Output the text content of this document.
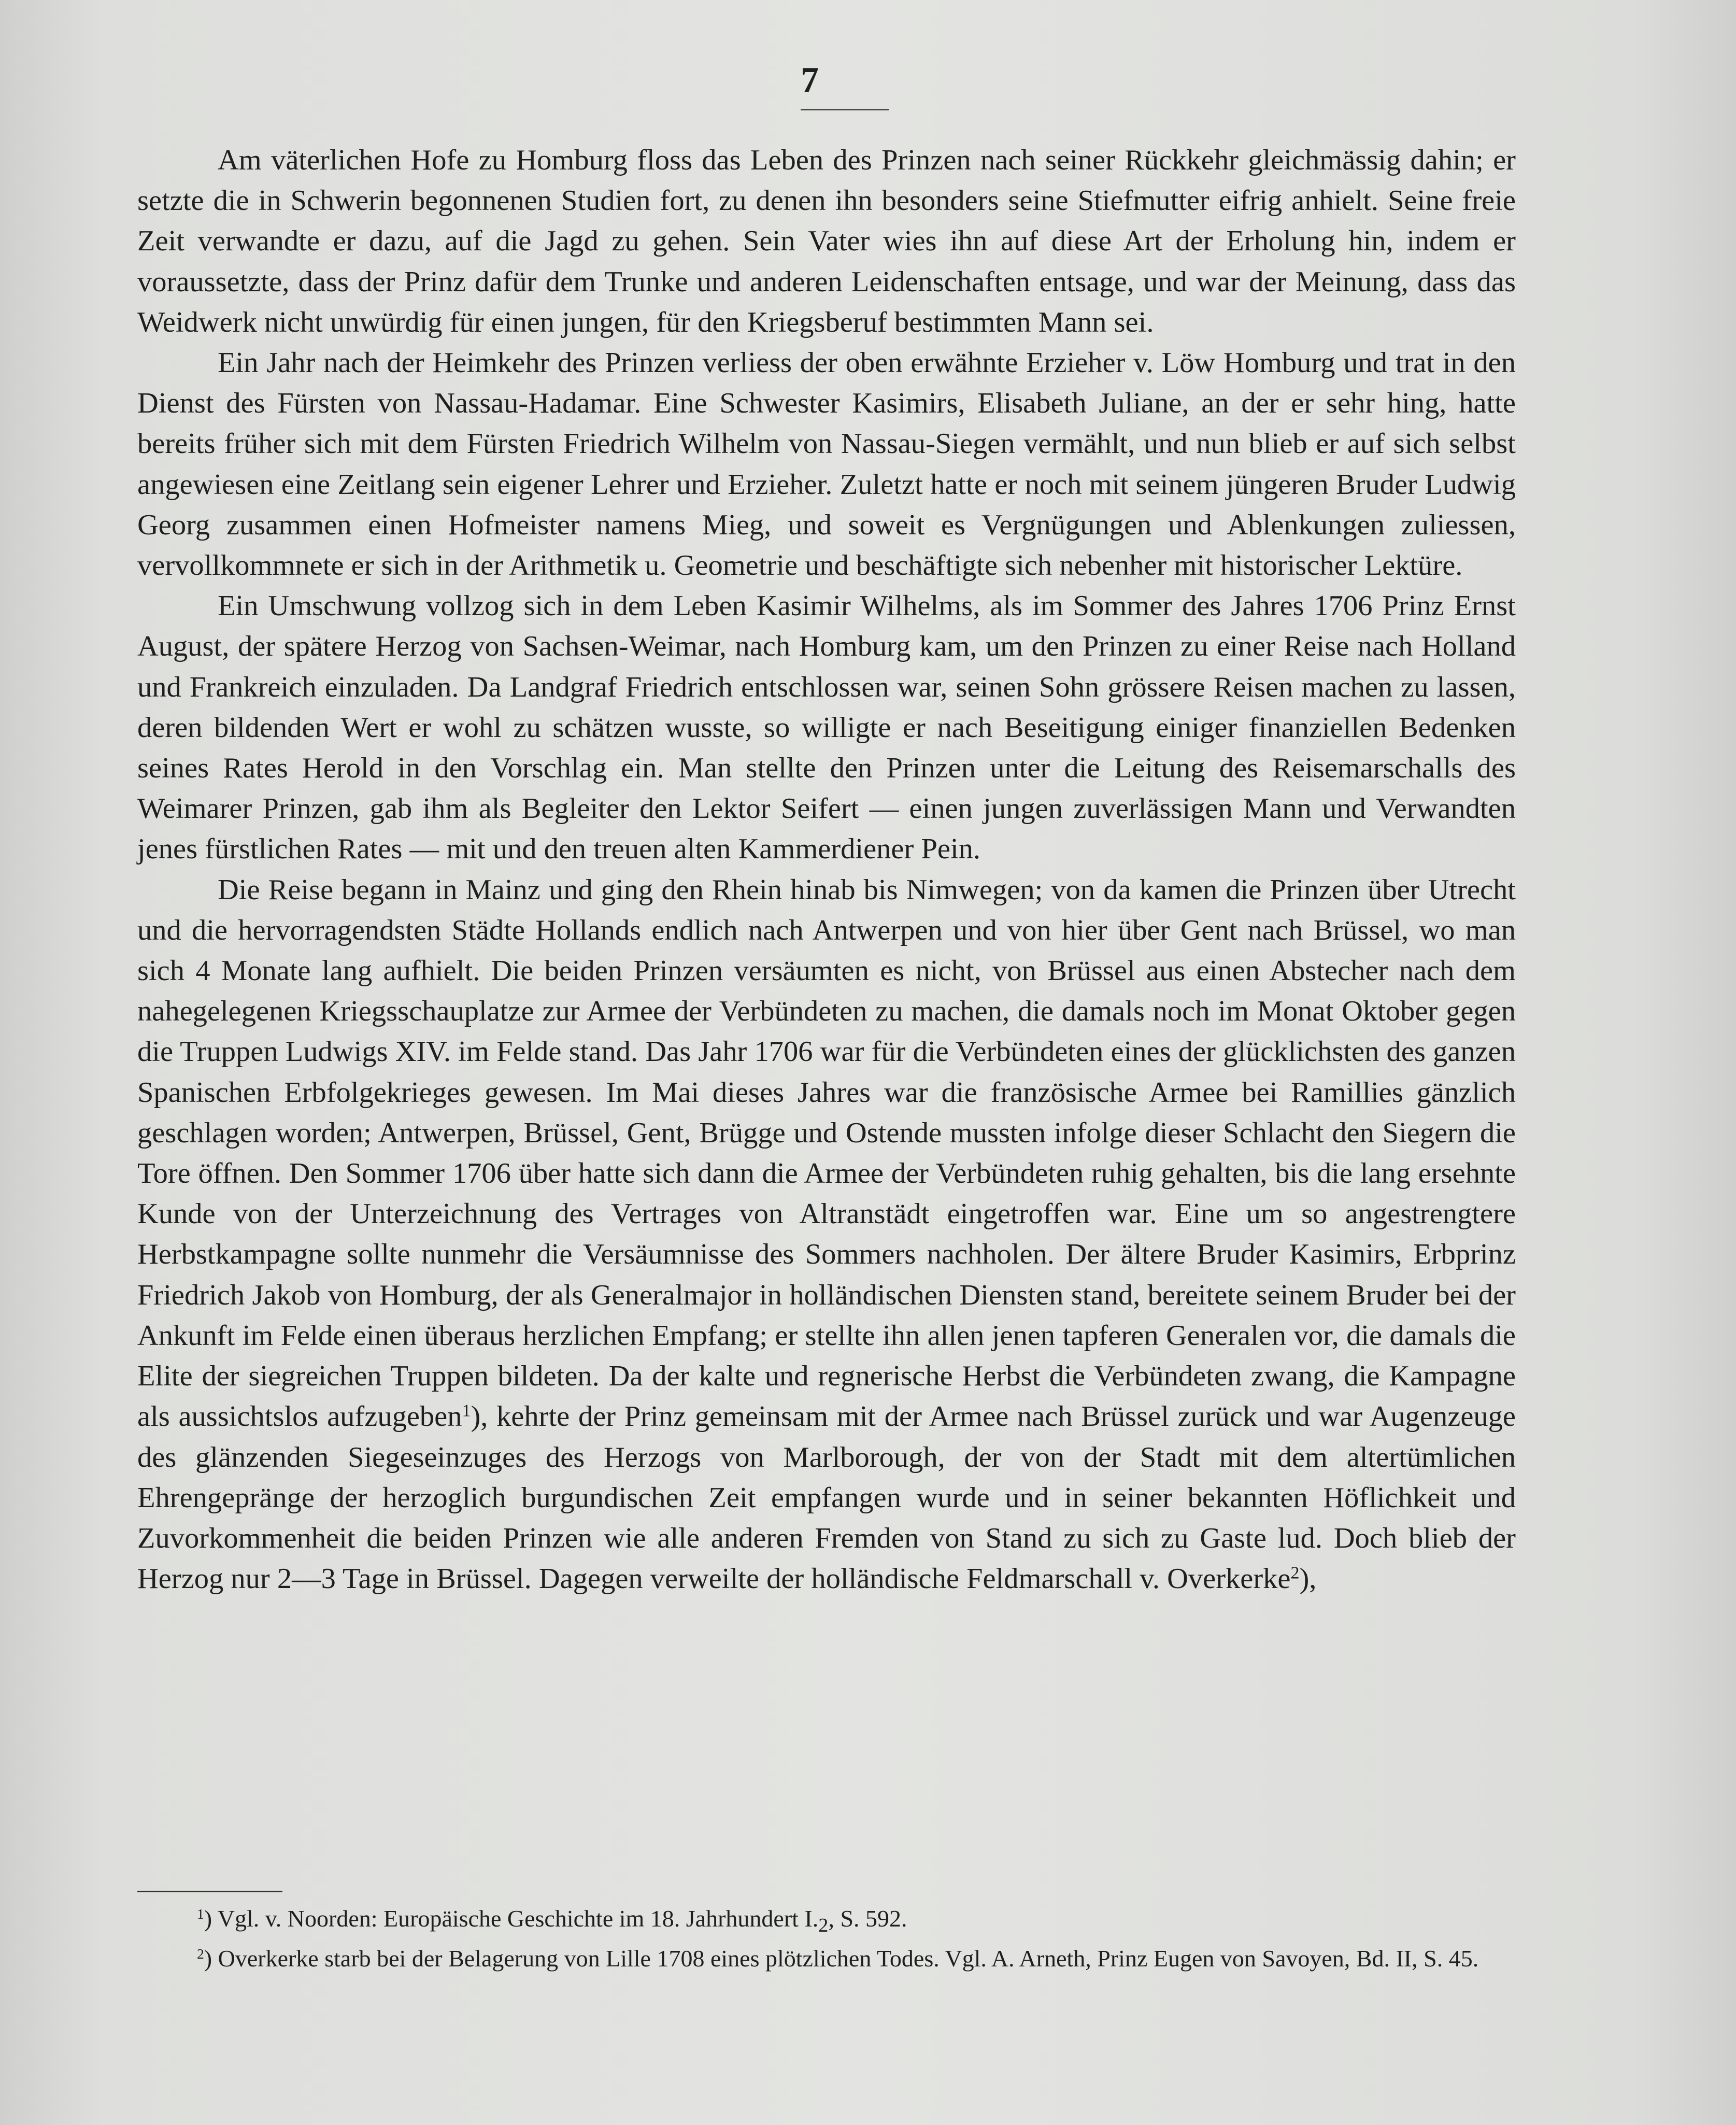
7

Am väterlichen Hofe zu Homburg floss das Leben des Prinzen nach seiner Rückkehr gleichmässig dahin; er setzte die in Schwerin begonnenen Studien fort, zu denen ihn besonders seine Stiefmutter eifrig anhielt. Seine freie Zeit verwandte er dazu, auf die Jagd zu gehen. Sein Vater wies ihn auf diese Art der Erholung hin, indem er voraussetzte, dass der Prinz dafür dem Trunke und anderen Leidenschaften entsage, und war der Meinung, dass das Weidwerk nicht unwürdig für einen jungen, für den Kriegsberuf bestimmten Mann sei.

Ein Jahr nach der Heimkehr des Prinzen verliess der oben erwähnte Erzieher v. Löw Homburg und trat in den Dienst des Fürsten von Nassau-Hadamar. Eine Schwester Kasimirs, Elisabeth Juliane, an der er sehr hing, hatte bereits früher sich mit dem Fürsten Friedrich Wilhelm von Nassau-Siegen vermählt, und nun blieb er auf sich selbst angewiesen eine Zeitlang sein eigener Lehrer und Erzieher. Zuletzt hatte er noch mit seinem jüngeren Bruder Ludwig Georg zusammen einen Hofmeister namens Mieg, und soweit es Vergnügungen und Ablenkungen zuliessen, vervollkommnete er sich in der Arithmetik u. Geometrie und beschäftigte sich nebenher mit historischer Lektüre.

Ein Umschwung vollzog sich in dem Leben Kasimir Wilhelms, als im Sommer des Jahres 1706 Prinz Ernst August, der spätere Herzog von Sachsen-Weimar, nach Homburg kam, um den Prinzen zu einer Reise nach Holland und Frankreich einzuladen. Da Landgraf Friedrich entschlossen war, seinen Sohn grössere Reisen machen zu lassen, deren bildenden Wert er wohl zu schätzen wusste, so willigte er nach Beseitigung einiger finanziellen Bedenken seines Rates Herold in den Vorschlag ein. Man stellte den Prinzen unter die Leitung des Reisemarschalls des Weimarer Prinzen, gab ihm als Begleiter den Lektor Seifert — einen jungen zuverlässigen Mann und Verwandten jenes fürstlichen Rates — mit und den treuen alten Kammerdiener Pein.

Die Reise begann in Mainz und ging den Rhein hinab bis Nimwegen; von da kamen die Prinzen über Utrecht und die hervorragendsten Städte Hollands endlich nach Antwerpen und von hier über Gent nach Brüssel, wo man sich 4 Monate lang aufhielt. Die beiden Prinzen versäumten es nicht, von Brüssel aus einen Abstecher nach dem nahegelegenen Kriegsschauplatze zur Armee der Verbündeten zu machen, die damals noch im Monat Oktober gegen die Truppen Ludwigs XIV. im Felde stand. Das Jahr 1706 war für die Verbündeten eines der glücklichsten des ganzen Spanischen Erbfolgekrieges gewesen. Im Mai dieses Jahres war die französische Armee bei Ramillies gänzlich geschlagen worden; Antwerpen, Brüssel, Gent, Brügge und Ostende mussten infolge dieser Schlacht den Siegern die Tore öffnen. Den Sommer 1706 über hatte sich dann die Armee der Verbündeten ruhig gehalten, bis die lang ersehnte Kunde von der Unterzeichnung des Vertrages von Altranstädt eingetroffen war. Eine um so angestrengtere Herbstkampagne sollte nunmehr die Versäumnisse des Sommers nachholen. Der ältere Bruder Kasimirs, Erbprinz Friedrich Jakob von Homburg, der als Generalmajor in holländischen Diensten stand, bereitete seinem Bruder bei der Ankunft im Felde einen überaus herzlichen Empfang; er stellte ihn allen jenen tapferen Generalen vor, die damals die Elite der siegreichen Truppen bildeten. Da der kalte und regnerische Herbst die Verbündeten zwang, die Kampagne als aussichtslos aufzugeben$^1$), kehrte der Prinz gemeinsam mit der Armee nach Brüssel zurück und war Augenzeuge des glänzenden Siegeseinzuges des Herzogs von Marlborough, der von der Stadt mit dem altertümlichen Ehrengepränge der herzoglich burgundischen Zeit empfangen wurde und in seiner bekannten Höflichkeit und Zuvorkommenheit die beiden Prinzen wie alle anderen Fremden von Stand zu sich zu Gaste lud. Doch blieb der Herzog nur 2—3 Tage in Brüssel. Dagegen verweilte der holländische Feldmarschall v. Overkerke$^2$),

$^1$) Vgl. v. Noorden: Europäische Geschichte im 18. Jahrhundert $I._2$, S. 592.

$^2$) Overkerke starb bei der Belagerung von Lille 1708 eines plötzlichen Todes. Vgl. A. Arneth, Prinz Eugen von Savoyen, Bd. II, S. 45.
